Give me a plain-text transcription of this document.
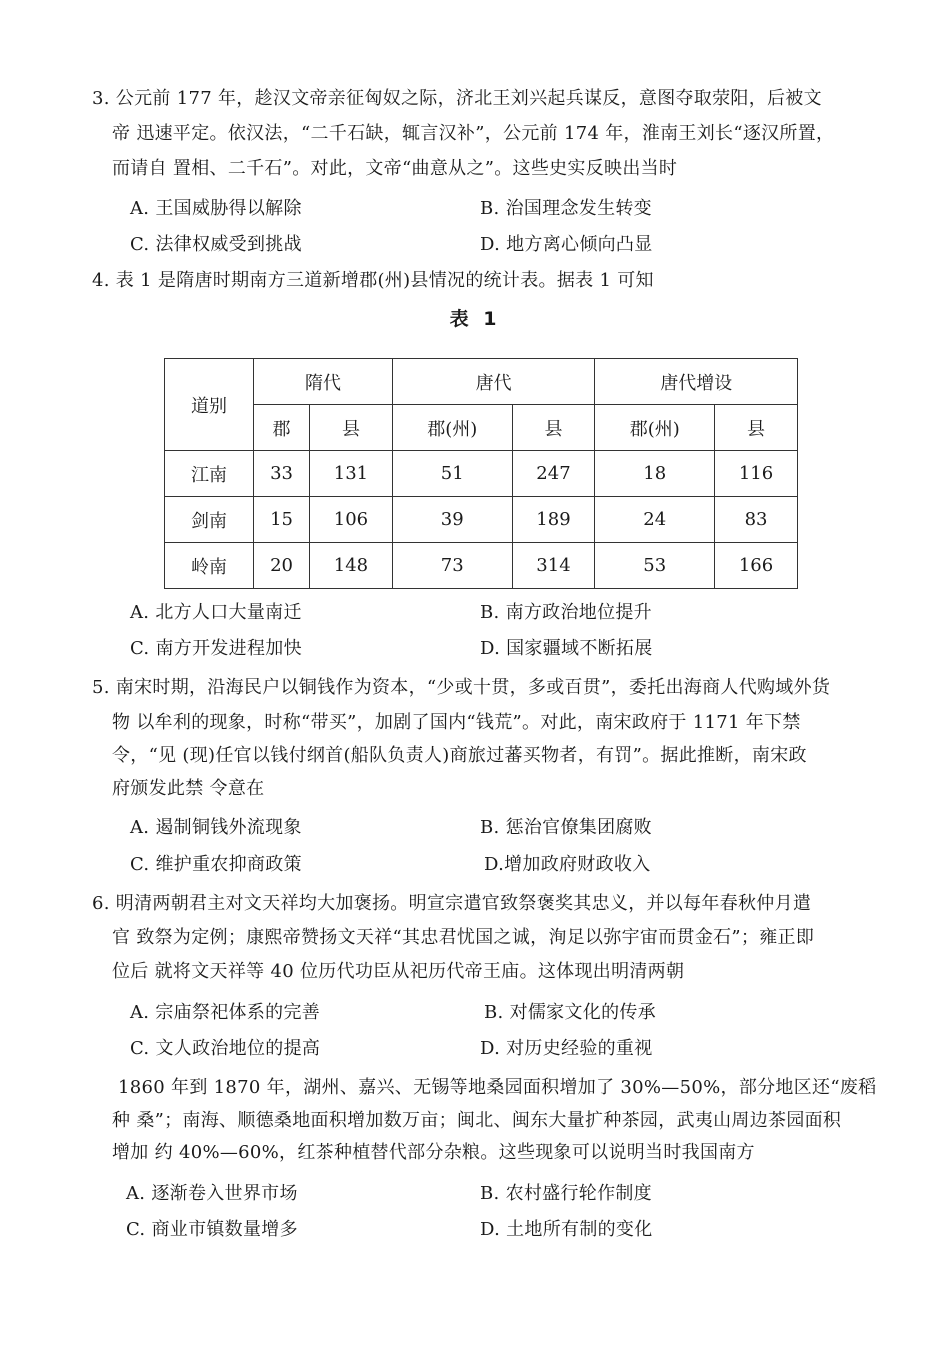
3. 公元前 177 年，趁汉文帝亲征匈奴之际，济北王刘兴起兵谋反，意图夺取荥阳，后被文
帝 迅速平定。依汉法，“二千石缺，辄言汉补”，公元前 174 年，淮南王刘长“逐汉所置，
而请自 置相、二千石”。对此，文帝“曲意从之”。这些史实反映出当时
A. 王国威胁得以解除	B. 治国理念发生转变
C. 法律权威受到挑战	D. 地方离心倾向凸显
4. 表 1 是隋唐时期南方三道新增郡(州)县情况的统计表。据表 1 可知
表 1
道别	隋代		唐代		唐代增设	
	郡	县	郡(州)	县	郡(州)	县
江南	33	131	51	247	18	116
剑南	15	106	39	189	24	83
岭南	20	148	73	314	53	166
A. 北方人口大量南迁	B. 南方政治地位提升
C. 南方开发进程加快	D. 国家疆域不断拓展
5. 南宋时期，沿海民户以铜钱作为资本，“少或十贯，多或百贯”，委托出海商人代购域外货
物 以牟利的现象，时称“带买”，加剧了国内“钱荒”。对此，南宋政府于 1171 年下禁
令，“见 (现)任官以钱付纲首(船队负责人)商旅过蕃买物者，有罚”。据此推断，南宋政
府颁发此禁 令意在
A. 遏制铜钱外流现象	B. 惩治官僚集团腐败
C. 维护重农抑商政策	D.增加政府财政收入
6. 明清两朝君主对文天祥均大加褒扬。明宣宗遣官致祭褒奖其忠义，并以每年春秋仲月遣
官 致祭为定例；康熙帝赞扬文天祥“其忠君忧国之诚，洵足以弥宇宙而贯金石”；雍正即
位后 就将文天祥等 40 位历代功臣从祀历代帝王庙。这体现出明清两朝
A. 宗庙祭祀体系的完善	B. 对儒家文化的传承
C. 文人政治地位的提高	D. 对历史经验的重视
1860 年到 1870 年，湖州、嘉兴、无锡等地桑园面积增加了 30%—50%，部分地区还“废稻
种 桑”；南海、顺德桑地面积增加数万亩；闽北、闽东大量扩种茶园，武夷山周边茶园面积
增加 约 40%—60%，红茶种植替代部分杂粮。这些现象可以说明当时我国南方
A. 逐渐卷入世界市场	B. 农村盛行轮作制度
C. 商业市镇数量增多	D. 土地所有制的变化
